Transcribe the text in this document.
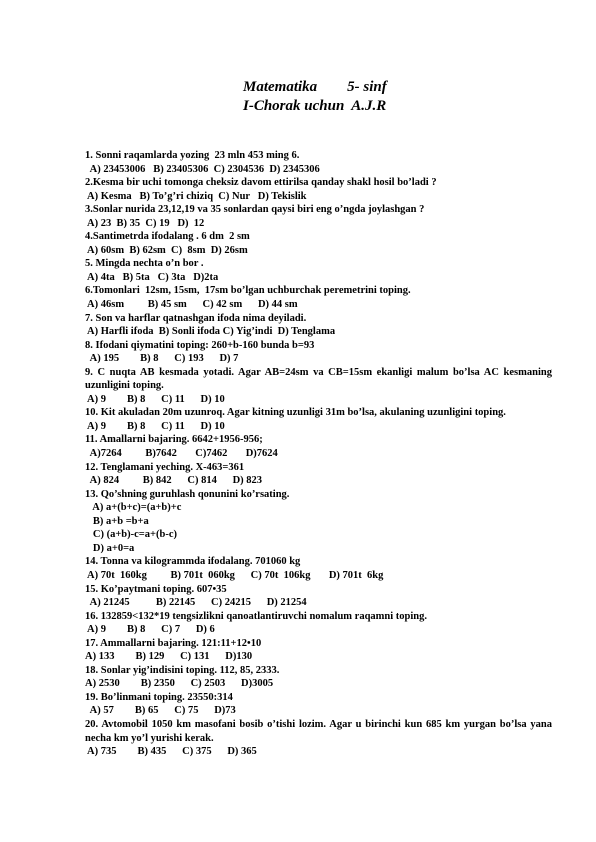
Matematika        5- sinf
I-Chorak uchun  A.J.R
1. Sonni raqamlarda yozing  23 mln 453 ming 6.
A) 23453006   B) 23405306  C) 2304536  D) 2345306
2.Kesma bir uchi tomonga cheksiz davom ettirilsa qanday shakl hosil bo’ladi ?
A) Kesma   B) To’g’ri chiziq  C) Nur   D) Tekislik
3.Sonlar nurida 23,12,19 va 35 sonlardan qaysi biri eng o’ngda joylashgan ?
A) 23  B) 35  C) 19   D)  12
4.Santimetrda ifodalang . 6 dm  2 sm
A) 60sm  B) 62sm  C)  8sm  D) 26sm
5. Mingda nechta o’n bor .
A) 4ta   B) 5ta   C) 3ta   D)2ta
6.Tomonlari  12sm, 15sm,  17sm bo’lgan uchburchak peremetrini toping.
A) 46sm         B) 45 sm      C) 42 sm      D) 44 sm
7. Son va harflar qatnashgan ifoda nima deyiladi.
A) Harfli ifoda  B) Sonli ifoda C) Yig’indi  D) Tenglama
8. Ifodani qiymatini toping: 260+b-160 bunda b=93
A) 195        B) 8      C) 193      D) 7
9. C nuqta AB kesmada yotadi. Agar AB=24sm va CB=15sm ekanligi malum bo’lsa AC kesmaning uzunligini toping.
A) 9        B) 8      C) 11      D) 10
10. Kit akuladan 20m uzunroq. Agar kitning uzunligi 31m bo’lsa, akulaning uzunligini toping.
A) 9        B) 8      C) 11      D) 10
11. Amallarni bajaring. 6642+1956-956;
A)7264         B)7642       C)7462       D)7624
12. Tenglamani yeching. X-463=361
A) 824         B) 842      C) 814      D) 823
13. Qo’shning guruhlash qonunini ko’rsating.
A) a+(b+c)=(a+b)+c
B) a+b =b+a
C) (a+b)-c=a+(b-c)
D) a+0=a
14. Tonna va kilogrammda ifodalang. 701060 kg
A) 70t  160kg         B) 701t  060kg      C) 70t  106kg       D) 701t  6kg
15. Ko’paytmani toping. 607•35
A) 21245          B) 22145      C) 24215      D) 21254
16. 132859<132*19 tengsizlikni qanoatlantiruvchi nomalum raqamni toping.
A) 9        B) 8      C) 7      D) 6
17. Ammallarni bajaring. 121:11+12•10
A) 133        B) 129      C) 131      D)130
18. Sonlar yig’indisini toping. 112, 85, 2333.
A) 2530        B) 2350      C) 2503      D)3005
19. Bo’linmani toping. 23550:314
A) 57        B) 65      C) 75      D)73
20. Avtomobil 1050 km masofani bosib o’tishi lozim. Agar u birinchi kun 685 km yurgan bo’lsa yana necha km yo’l yurishi kerak.
A) 735        B) 435      C) 375      D) 365
